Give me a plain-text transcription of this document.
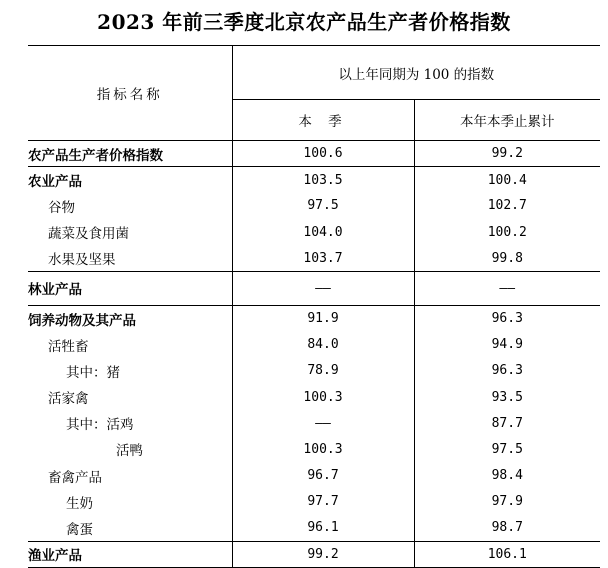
2023 年前三季度北京农产品生产者价格指数
指标名称	以上年同期为 100 的指数	
	本 季	本年本季止累计
农产品生产者价格指数	100.6	99.2
农业产品	103.5	100.4
谷物	97.5	102.7
蔬菜及食用菌	104.0	100.2
水果及坚果	103.7	99.8
林业产品	——	——
饲养动物及其产品	91.9	96.3
活牲畜	84.0	94.9
其中：猪	78.9	96.3
活家禽	100.3	93.5
其中：活鸡	——	87.7
活鸭	100.3	97.5
畜禽产品	96.7	98.4
生奶	97.7	97.9
禽蛋	96.1	98.7
渔业产品	99.2	106.1
